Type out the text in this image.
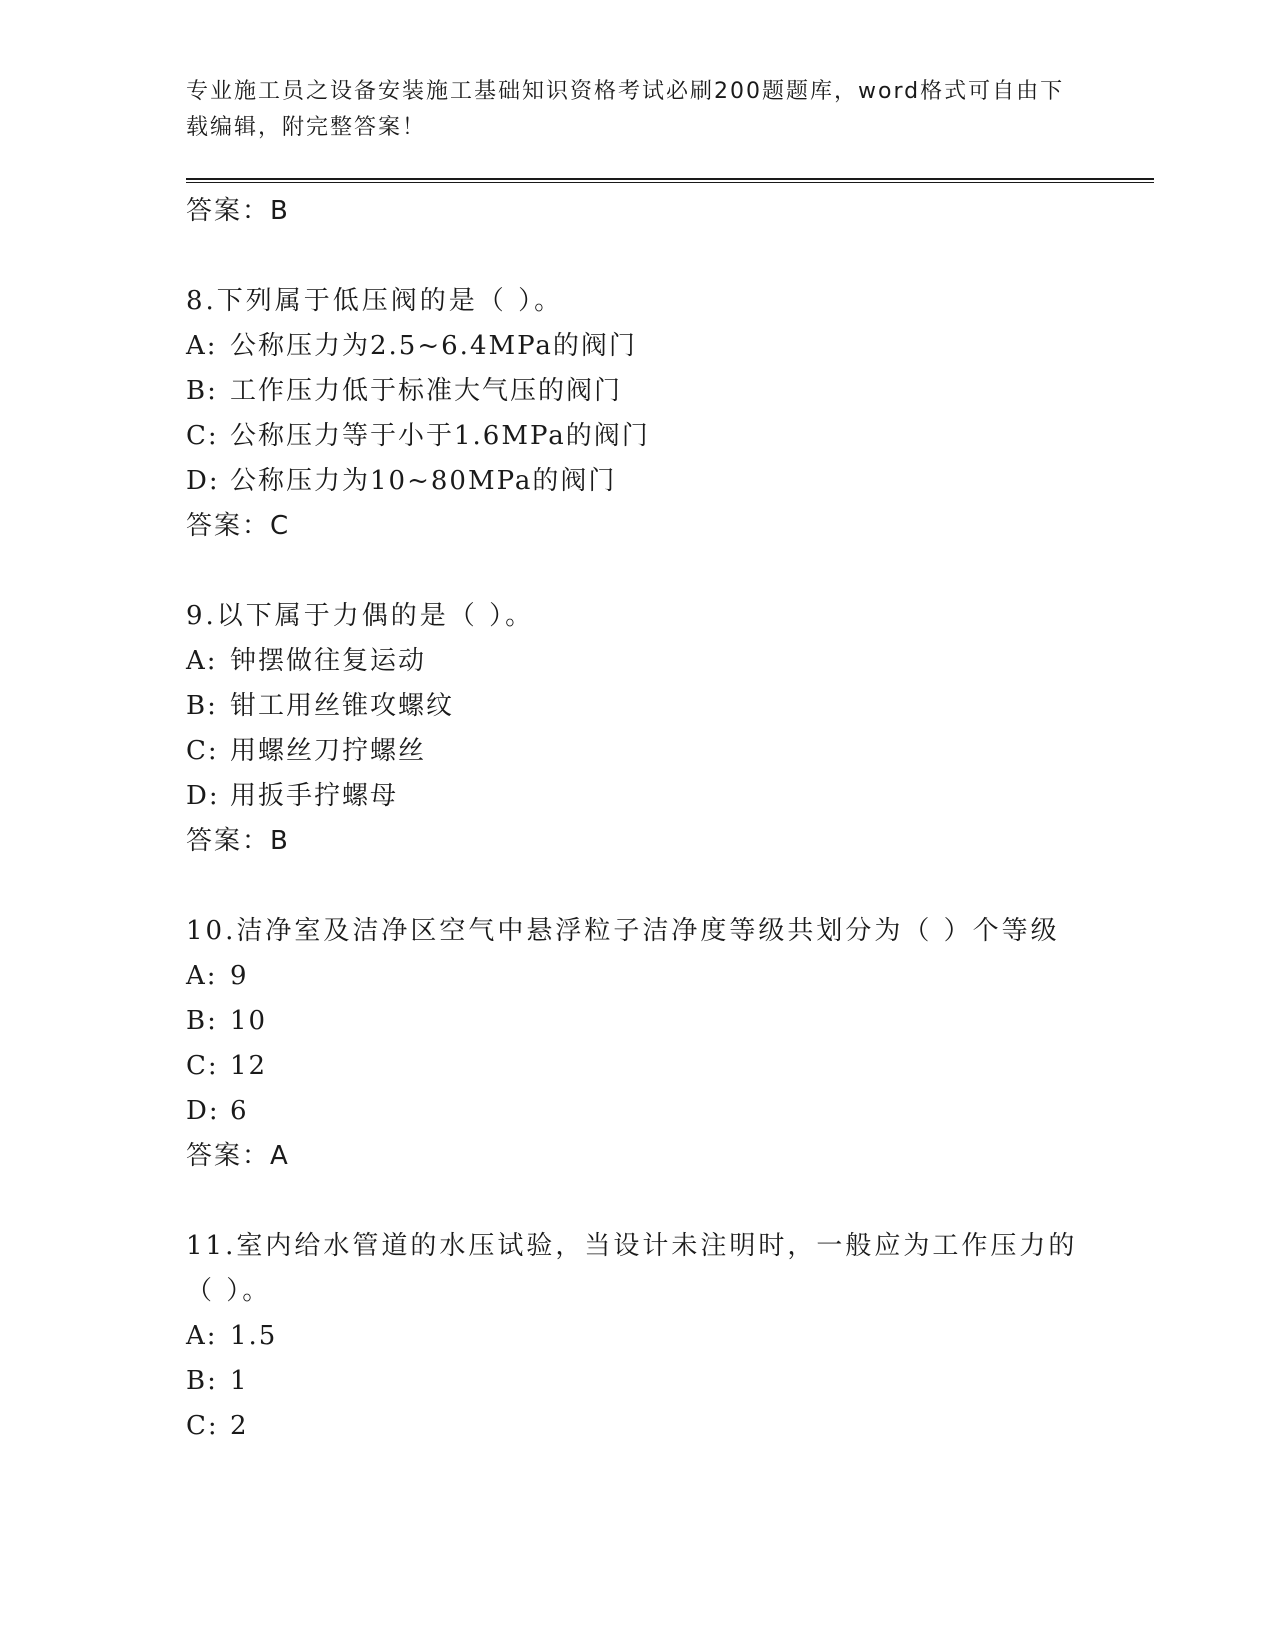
专业施工员之设备安装施工基础知识资格考试必刷200题题库，word格式可自由下载编辑，附完整答案！
答案：B
8.下列属于低压阀的是（ ）。
A: 公称压力为2.5~6.4MPa的阀门
B: 工作压力低于标准大气压的阀门
C: 公称压力等于小于1.6MPa的阀门
D: 公称压力为10~80MPa的阀门
答案：C
9.以下属于力偶的是（ ）。
A: 钟摆做往复运动
B: 钳工用丝锥攻螺纹
C: 用螺丝刀拧螺丝
D: 用扳手拧螺母
答案：B
10.洁净室及洁净区空气中悬浮粒子洁净度等级共划分为（ ）个等级
A: 9
B: 10
C: 12
D: 6
答案：A
11.室内给水管道的水压试验，当设计未注明时，一般应为工作压力的（ ）。
A: 1.5
B: 1
C: 2
